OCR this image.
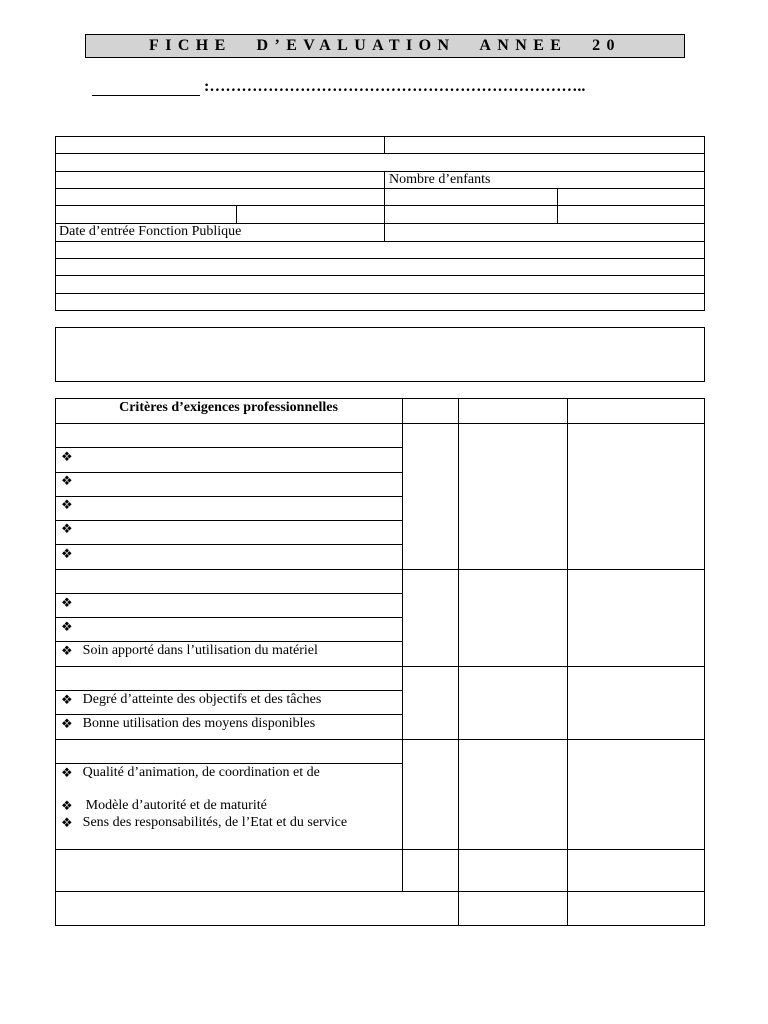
FICHE D’EVALUATION ANNEE 20
:……………………………………………………………..
Nombre d’enfants
Date d’entrée Fonction Publique
Critères d’exigences professionnelles
❖
❖
❖
❖
❖
❖
❖
❖ Soin apporté dans l’utilisation du matériel
❖ Degré d’atteinte des objectifs et des tâches
❖ Bonne utilisation des moyens disponibles
❖ Qualité d’animation, de coordination et de
❖ Modèle d’autorité et de maturité
❖ Sens des responsabilités, de l’Etat et du service
